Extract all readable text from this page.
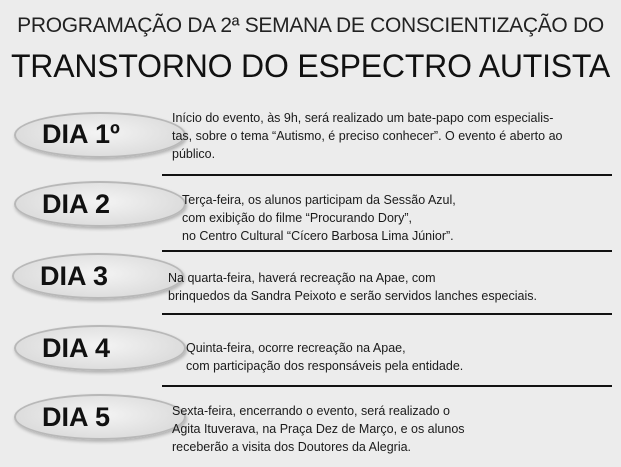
PROGRAMAÇÃO DA 2ª SEMANA DE CONSCIENTIZAÇÃO DO
TRANSTORNO DO ESPECTRO AUTISTA
DIA 1º
Início do evento, às 9h, será realizado um bate-papo com especialis-
tas, sobre o tema “Autismo, é preciso conhecer”. O evento é aberto ao
público.
DIA 2	Terça-feira, os alunos participam da Sessão Azul,
com exibição do filme “Procurando Dory”,
no Centro Cultural “Cícero Barbosa Lima Júnior”.
DIA 3	Na quarta-feira, haverá recreação na Apae, com
brinquedos da Sandra Peixoto e serão servidos lanches especiais.
DIA 4	Quinta-feira, ocorre recreação na Apae,
com participação dos responsáveis pela entidade.
DIA 5	Sexta-feira, encerrando o evento, será realizado o
Agita Ituverava, na Praça Dez de Março, e os alunos
receberão a visita dos Doutores da Alegria.
